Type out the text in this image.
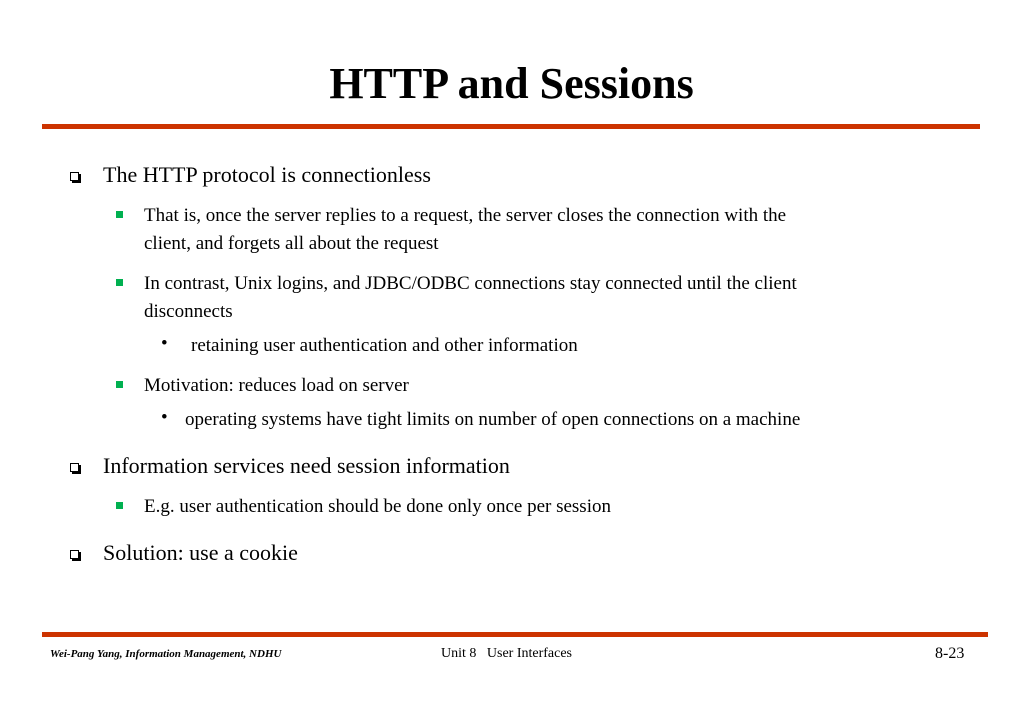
HTTP and Sessions

The HTTP protocol is connectionless

That is, once the server replies to a request, the server closes the connection with the
client, and forgets all about the request

In contrast, Unix logins, and JDBC/ODBC connections stay connected until the client
disconnects

• retaining user authentication and other information

Motivation: reduces load on server

• operating systems have tight limits on number of open connections on a machine

Information services need session information

E.g. user authentication should be done only once per session

Solution: use a cookie

Wei-Pang Yang, Information Management, NDHU	Unit 8   User Interfaces	8-23
